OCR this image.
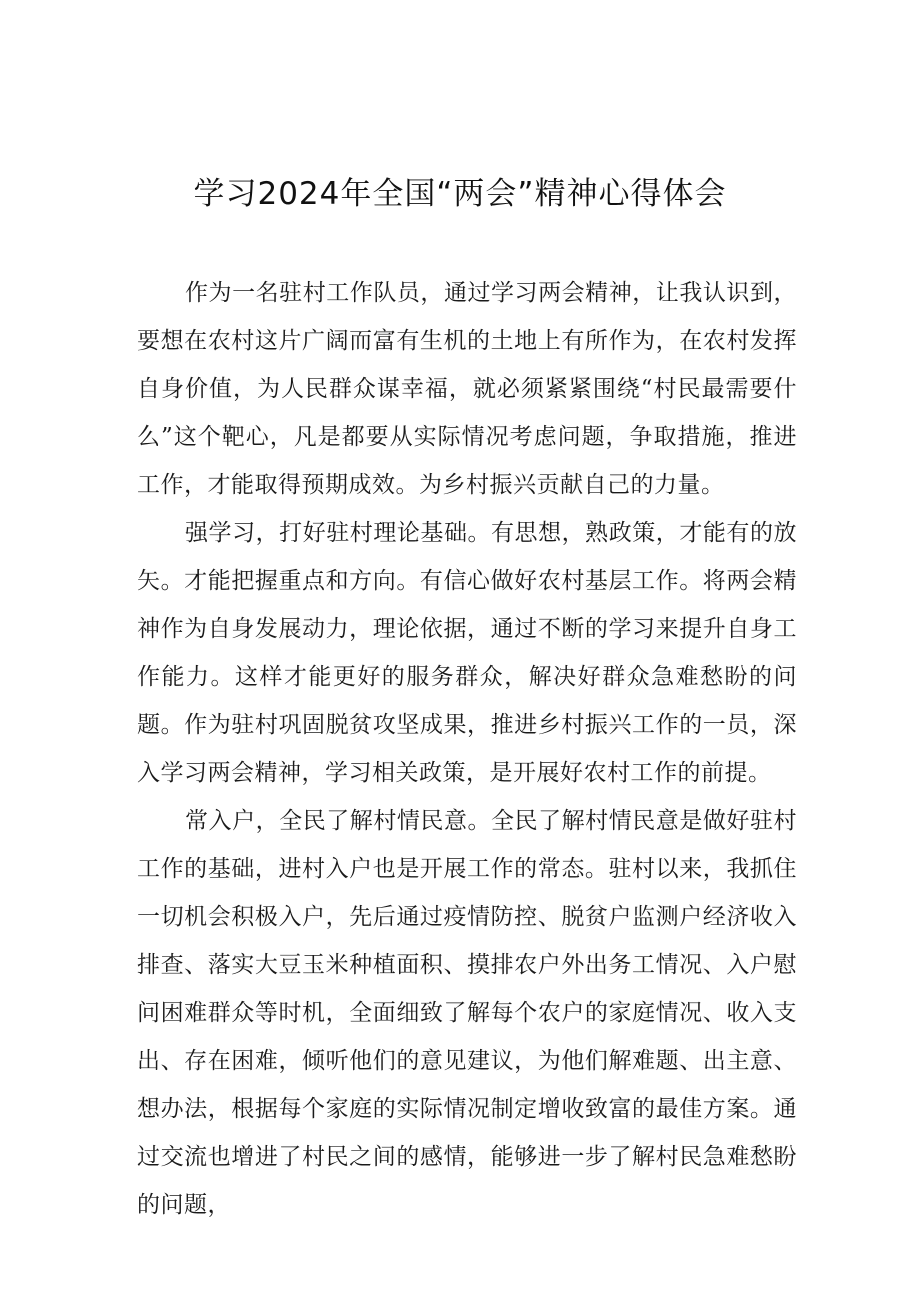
学习2024年全国“两会”精神心得体会

作为一名驻村工作队员，通过学习两会精神，让我认识到，要想在农村这片广阔而富有生机的土地上有所作为，在农村发挥自身价值，为人民群众谋幸福，就必须紧紧围绕“村民最需要什么”这个靶心，凡是都要从实际情况考虑问题，争取措施，推进工作，才能取得预期成效。为乡村振兴贡献自己的力量。

强学习，打好驻村理论基础。有思想，熟政策，才能有的放矢。才能把握重点和方向。有信心做好农村基层工作。将两会精神作为自身发展动力，理论依据，通过不断的学习来提升自身工作能力。这样才能更好的服务群众，解决好群众急难愁盼的问题。作为驻村巩固脱贫攻坚成果，推进乡村振兴工作的一员，深入学习两会精神，学习相关政策，是开展好农村工作的前提。

常入户，全民了解村情民意。全民了解村情民意是做好驻村工作的基础，进村入户也是开展工作的常态。驻村以来，我抓住一切机会积极入户，先后通过疫情防控、脱贫户监测户经济收入排查、落实大豆玉米种植面积、摸排农户外出务工情况、入户慰问困难群众等时机，全面细致了解每个农户的家庭情况、收入支出、存在困难，倾听他们的意见建议，为他们解难题、出主意、想办法，根据每个家庭的实际情况制定增收致富的最佳方案。通过交流也增进了村民之间的感情，能够进一步了解村民急难愁盼的问题，
